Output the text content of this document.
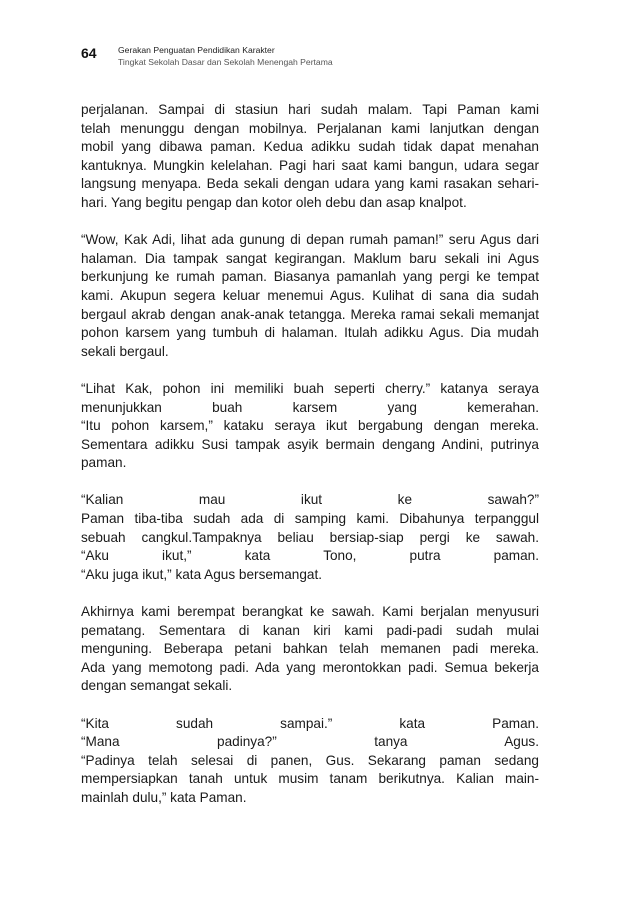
64 Gerakan Penguatan Pendidikan Karakter
Tingkat Sekolah Dasar dan Sekolah Menengah Pertama
perjalanan. Sampai di stasiun hari sudah malam. Tapi Paman kami
telah menunggu dengan mobilnya. Perjalanan kami lanjutkan dengan
mobil yang dibawa paman. Kedua adikku sudah tidak dapat menahan
kantuknya. Mungkin kelelahan. Pagi hari saat kami bangun, udara segar
langsung menyapa. Beda sekali dengan udara yang kami rasakan sehari-
hari. Yang begitu pengap dan kotor oleh debu dan asap knalpot.
“Wow, Kak Adi, lihat ada gunung di depan rumah paman!” seru Agus dari
halaman. Dia tampak sangat kegirangan. Maklum baru sekali ini Agus
berkunjung ke rumah paman. Biasanya pamanlah yang pergi ke tempat
kami. Akupun segera keluar menemui Agus. Kulihat di sana dia sudah
bergaul akrab dengan anak-anak tetangga. Mereka ramai sekali memanjat
pohon karsem yang tumbuh di halaman. Itulah adikku Agus. Dia mudah
sekali bergaul.
“Lihat Kak, pohon ini memiliki buah seperti cherry.” katanya seraya
menunjukkan buah karsem yang kemerahan.
“Itu pohon karsem,” kataku seraya ikut bergabung dengan mereka.
Sementara adikku Susi tampak asyik bermain dengang Andini, putrinya
paman.
“Kalian mau ikut ke sawah?”
Paman tiba-tiba sudah ada di samping kami. Dibahunya terpanggul
sebuah cangkul.Tampaknya beliau bersiap-siap pergi ke sawah.
“Aku ikut,” kata Tono, putra paman.
“Aku juga ikut,” kata Agus bersemangat.
Akhirnya kami berempat berangkat ke sawah. Kami berjalan menyusuri
pematang. Sementara di kanan kiri kami padi-padi sudah mulai
menguning. Beberapa petani bahkan telah memanen padi mereka.
Ada yang memotong padi. Ada yang merontokkan padi. Semua bekerja
dengan semangat sekali.
“Kita sudah sampai.” kata Paman.
“Mana padinya?” tanya Agus.
“Padinya telah selesai di panen, Gus. Sekarang paman sedang
mempersiapkan tanah untuk musim tanam berikutnya. Kalian main-
mainlah dulu,” kata Paman.
